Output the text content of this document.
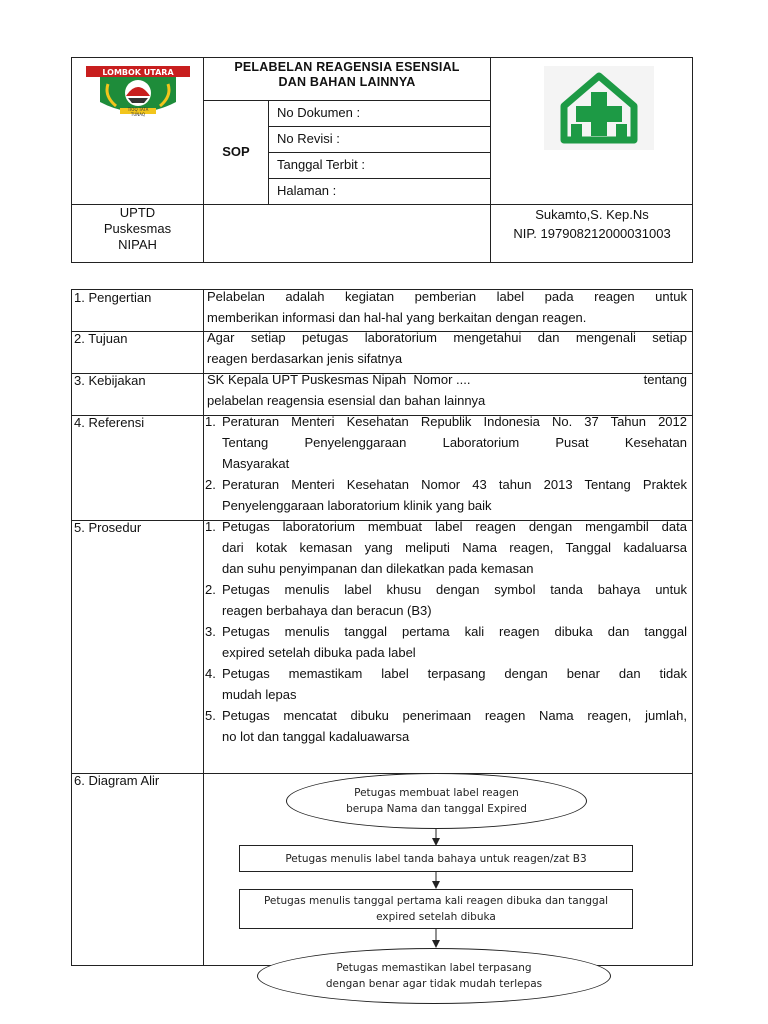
LOMBOK UTARA
TIOQ TATA TUNAQ
PELABELAN REAGENSIA ESENSIAL
DAN BAHAN LAINNYA
SOP
No Dokumen :
No Revisi :
Tanggal Terbit :
Halaman :
UPTD
Puskesmas
NIPAH
Sukamto,S. Kep.Ns
NIP. 197908212000031003
1. Pengertian
2. Tujuan
3. Kebijakan
4. Referensi
5. Prosedur
6. Diagram Alir
Pelabelan adalah kegiatan pemberian label pada reagen untuk
memberikan informasi dan hal-hal yang berkaitan dengan reagen.
Agar setiap petugas laboratorium mengetahui dan mengenali setiap
reagen berdasarkan jenis sifatnya
SK Kepala UPT Puskesmas Nipah  Nomor ....	tentang
pelabelan reagensia esensial dan bahan lainnya
1. Peraturan Menteri Kesehatan Republik Indonesia No. 37 Tahun 2012
Tentang Penyelenggaraan Laboratorium Pusat Kesehatan
Masyarakat
2. Peraturan Menteri Kesehatan Nomor 43 tahun 2013 Tentang Praktek
Penyelenggaraan laboratorium klinik yang baik
1. Petugas laboratorium membuat label reagen dengan mengambil data
dari kotak kemasan yang meliputi Nama reagen, Tanggal kadaluarsa
dan suhu penyimpanan dan dilekatkan pada kemasan
2. Petugas menulis label khusu dengan symbol tanda bahaya untuk
reagen berbahaya dan beracun (B3)
3. Petugas menulis tanggal pertama kali reagen dibuka dan tanggal
expired setelah dibuka pada label
4. Petugas memastikam label terpasang dengan benar dan tidak
mudah lepas
5. Petugas mencatat dibuku penerimaan reagen Nama reagen, jumlah,
no lot dan tanggal kadaluawarsa
Petugas membuat label reagen
berupa Nama dan tanggal Expired
Petugas menulis label tanda bahaya untuk reagen/zat B3
Petugas menulis tanggal pertama kali reagen dibuka dan tanggal
expired setelah dibuka
Petugas memastikan label terpasang
dengan benar agar tidak mudah terlepas
